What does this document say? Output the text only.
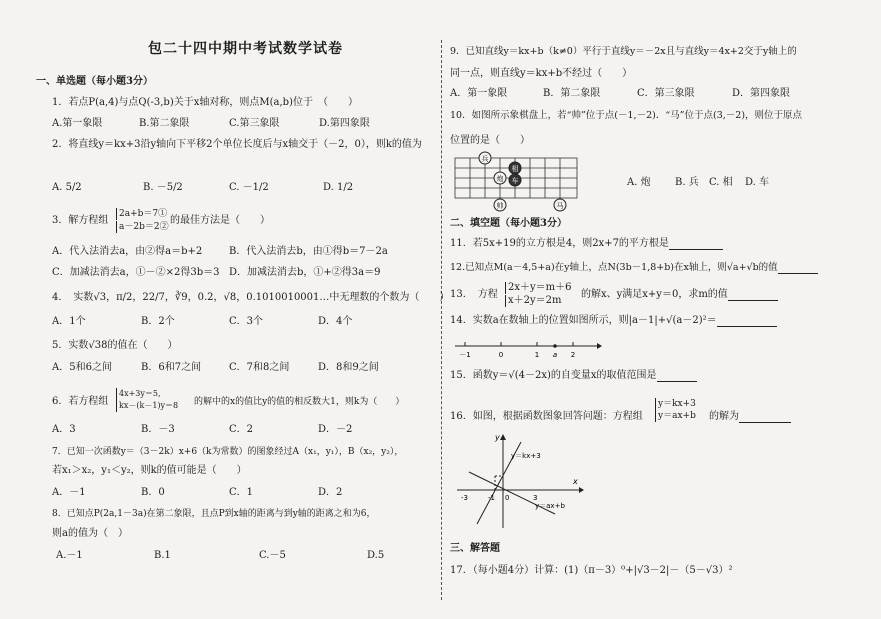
包二十四中期中考试数学试卷
一、单选题（每小题3分）
1．若点P(a,4)与点Q(-3,b)关于x轴对称，则点M(a,b)位于　（　　）
A.第一象限	B.第二象限	C.第三象限	D.第四象限
2．将直线y＝kx+3沿y轴向下平移2个单位长度后与x轴交于（－2，0），则k的值为
A. 5/2	B. －5/2	C. －1/2	D. 1/2
3．解方程组
2a+b＝7①
a－2b＝2②
的最佳方法是（　　）
A．代入法消去a，由②得a＝b+2	B．代入法消去b，由①得b＝7－2a
C．加减法消去a，①－②×2得3b＝3 D．加减法消去b，①+②得3a＝9
4．　实数√3，π/2，22/7，∛9，0.2，√8，0.1010010001…中无理数的个数为（　　）
A．1个	B．2个	C．3个	D．4个
5．实数√38的值在（　　）
A．5和6之间	B．6和7之间	C．7和8之间	D．8和9之间
6．若方程组
4x+3y＝5,
kx－(k－1)y＝8 的解中的x的值比y的值的相反数大1，则k为（　　）
A．3	B．－3	C．2	D．－2
7．已知一次函数y＝（3－2k）x+6（k为常数）的图象经过A（x₁，y₁），B（x₂，y₂），
若x₁＞x₂，y₁＜y₂，则k的值可能是（　　）
A．－1	B．0	C．1	D．2
8．已知点P(2a,1－3a)在第二象限，且点P到x轴的距离与到y轴的距离之和为6，
则a的值为（　）
A.－1	B.1	C.－5	D.5
9．已知直线y＝kx+b（k≠0）平行于直线y＝－2x且与直线y＝4x+2交于y轴上的
同一点，则直线y＝kx+b不经过（　　）
A．第一象限	B．第二象限	C．第三象限	D．第四象限
10．如图所示象棋盘上，若“帅”位于点(－1,－2)．“马”位于点(3,－2)，则位于原点
位置的是（　　）
兵
炮
相
车
帅	马
A. 炮 B. 兵 C. 相 D. 车
二、填空题（每小题3分）
11．若5x+19的立方根是4，则2x+7的平方根是
12.已知点M(a－4,5+a)在y轴上，点N(3b－1,8+b)在x轴上，则√a+√b的值
13．　方程
2x＋y＝m＋6
x＋2y＝2m
的解x、y满足x+y＝0，求m的值
14．实数a在数轴上的位置如图所示，则|a－1|+√(a－2)²＝
－1	0	1 a 2
15．函数y＝√(4－2x)的自变量x的取值范围是
16．如图，根据函数图象回答问题：方程组
y＝kx+3
y＝ax+b 的解为
y＝kx+3
y＝ax+b
x
y
-3	-1 0	3
三、解答题
17．（每小题4分）计算：(1)（π－3）⁰+|√3－2|－（5－√3）²
